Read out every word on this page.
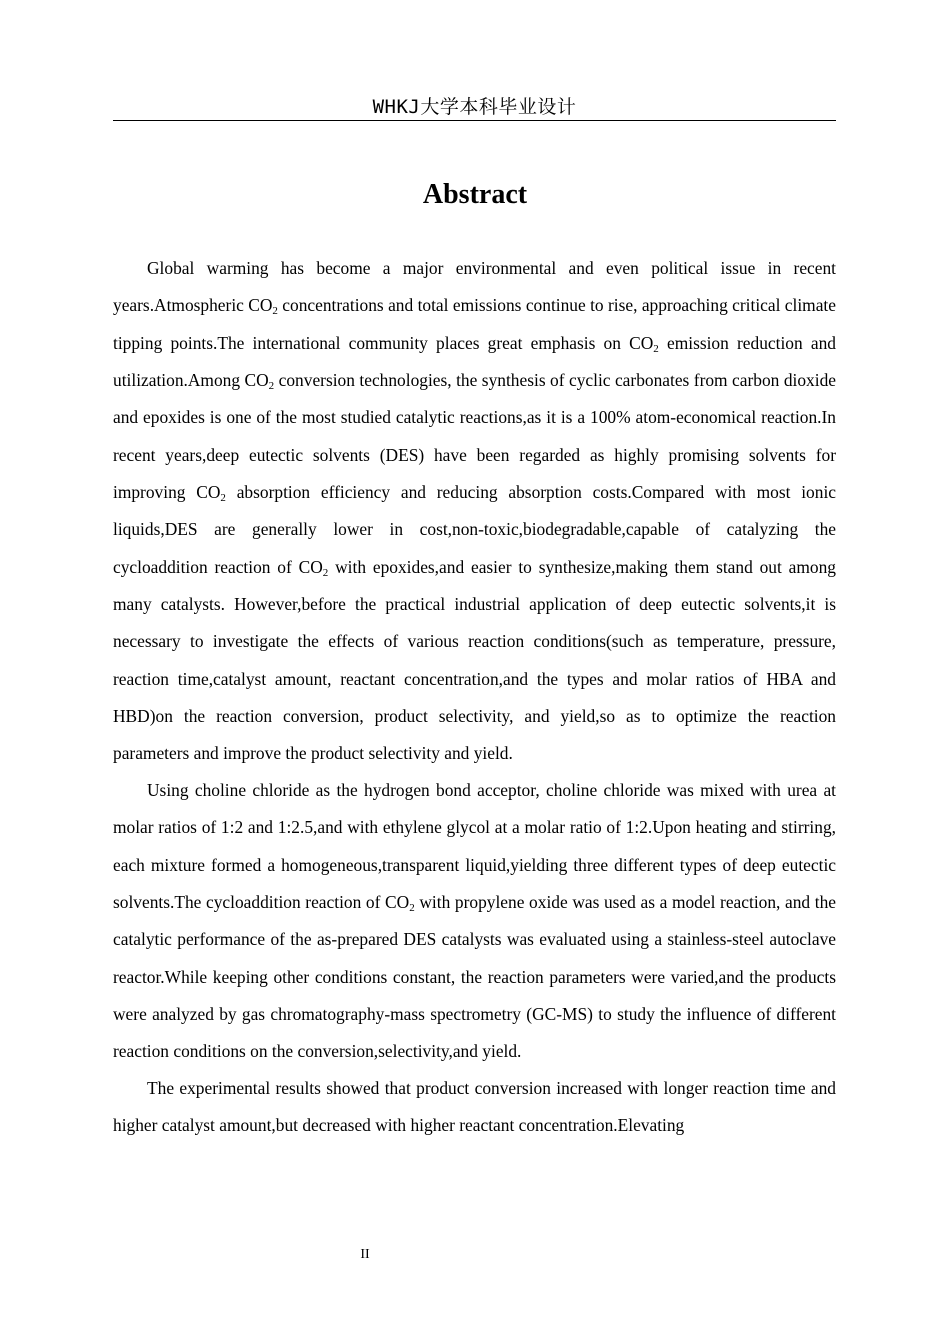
WHKJ大学本科毕业设计
Abstract

Global warming has become a major environmental and even political issue in recent years.Atmospheric $CO_2$ concentrations and total emissions continue to rise, approaching critical climate tipping points.The international community places great emphasis on $CO_2$ emission reduction and utilization.Among $CO_2$ conversion technologies, the synthesis of cyclic carbonates from carbon dioxide and epoxides is one of the most studied catalytic reactions,as it is a 100% atom-economical reaction.In recent years,deep eutectic solvents (DES) have been regarded as highly promising solvents for improving $CO_2$ absorption efficiency and reducing absorption costs.Compared with most ionic liquids,DES are generally lower in cost,non-toxic,biodegradable,capable of catalyzing the cycloaddition reaction of $CO_2$ with epoxides,and easier to synthesize,making them stand out among many catalysts. However,before the practical industrial application of deep eutectic solvents,it is necessary to investigate the effects of various reaction conditions(such as temperature, pressure, reaction time,catalyst amount, reactant concentration,and the types and molar ratios of HBA and HBD)on the reaction conversion, product selectivity, and yield,so as to optimize the reaction parameters and improve the product selectivity and yield.

Using choline chloride as the hydrogen bond acceptor, choline chloride was mixed with urea at molar ratios of 1:2 and 1:2.5,and with ethylene glycol at a molar ratio of 1:2.Upon heating and stirring, each mixture formed a homogeneous,transparent liquid,yielding three different types of deep eutectic solvents.The cycloaddition reaction of $CO_2$ with propylene oxide was used as a model reaction, and the catalytic performance of the as-prepared DES catalysts was evaluated using a stainless-steel autoclave reactor.While keeping other conditions constant, the reaction parameters were varied,and the products were analyzed by gas chromatography-mass spectrometry (GC-MS) to study the influence of different reaction conditions on the conversion,selectivity,and yield.

The experimental results showed that product conversion increased with longer reaction time and higher catalyst amount,but decreased with higher reactant concentration.Elevating

II
